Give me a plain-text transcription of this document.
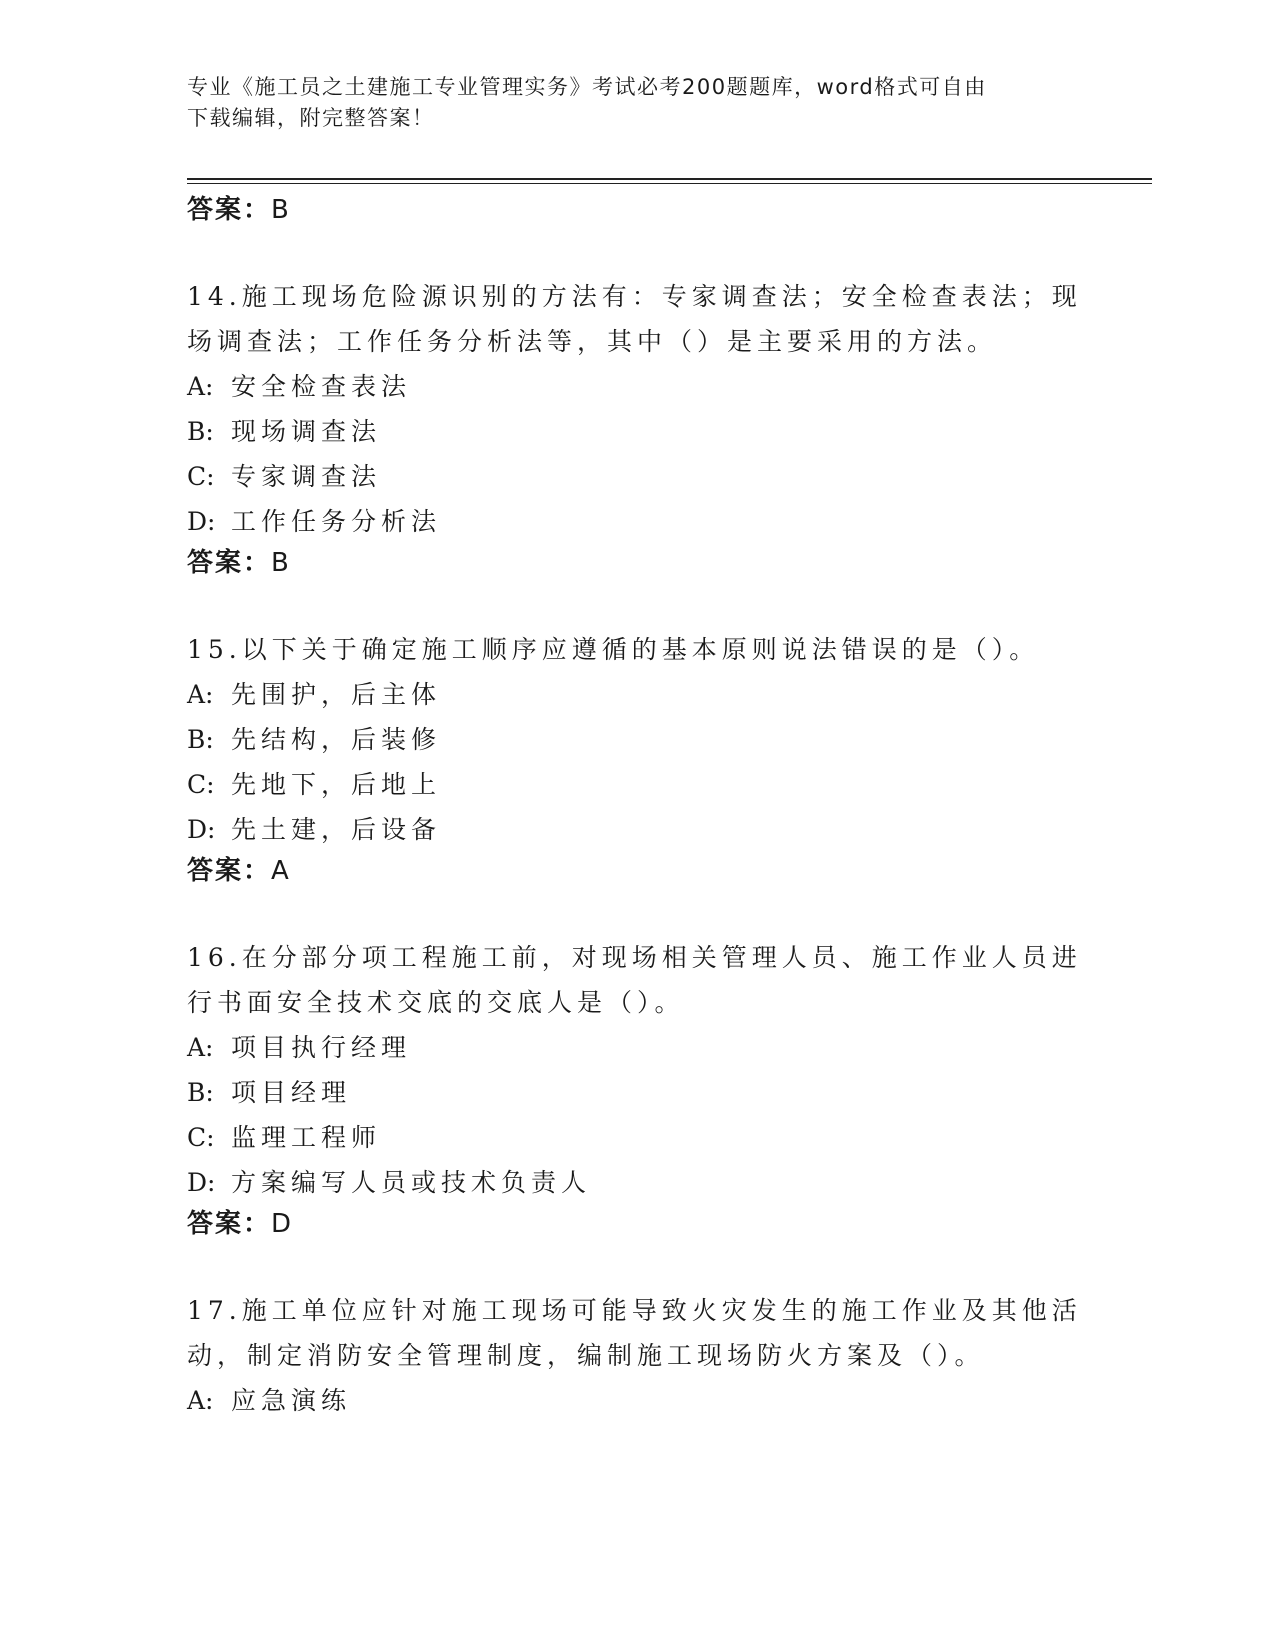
专业《施工员之土建施工专业管理实务》考试必考200题题库，word格式可自由
下载编辑，附完整答案！

答案：B

14.施工现场危险源识别的方法有：专家调查法；安全检查表法；现场调查法；工作任务分析法等，其中（）是主要采用的方法。

A: 安全检查表法

B: 现场调查法

C: 专家调查法

D: 工作任务分析法

答案：B

15.以下关于确定施工顺序应遵循的基本原则说法错误的是（）。

A: 先围护，后主体

B: 先结构，后装修

C: 先地下，后地上

D: 先土建，后设备

答案：A

16.在分部分项工程施工前，对现场相关管理人员、施工作业人员进行书面安全技术交底的交底人是（）。

A: 项目执行经理

B: 项目经理

C: 监理工程师

D: 方案编写人员或技术负责人

答案：D

17.施工单位应针对施工现场可能导致火灾发生的施工作业及其他活动，制定消防安全管理制度，编制施工现场防火方案及（）。

A: 应急演练
